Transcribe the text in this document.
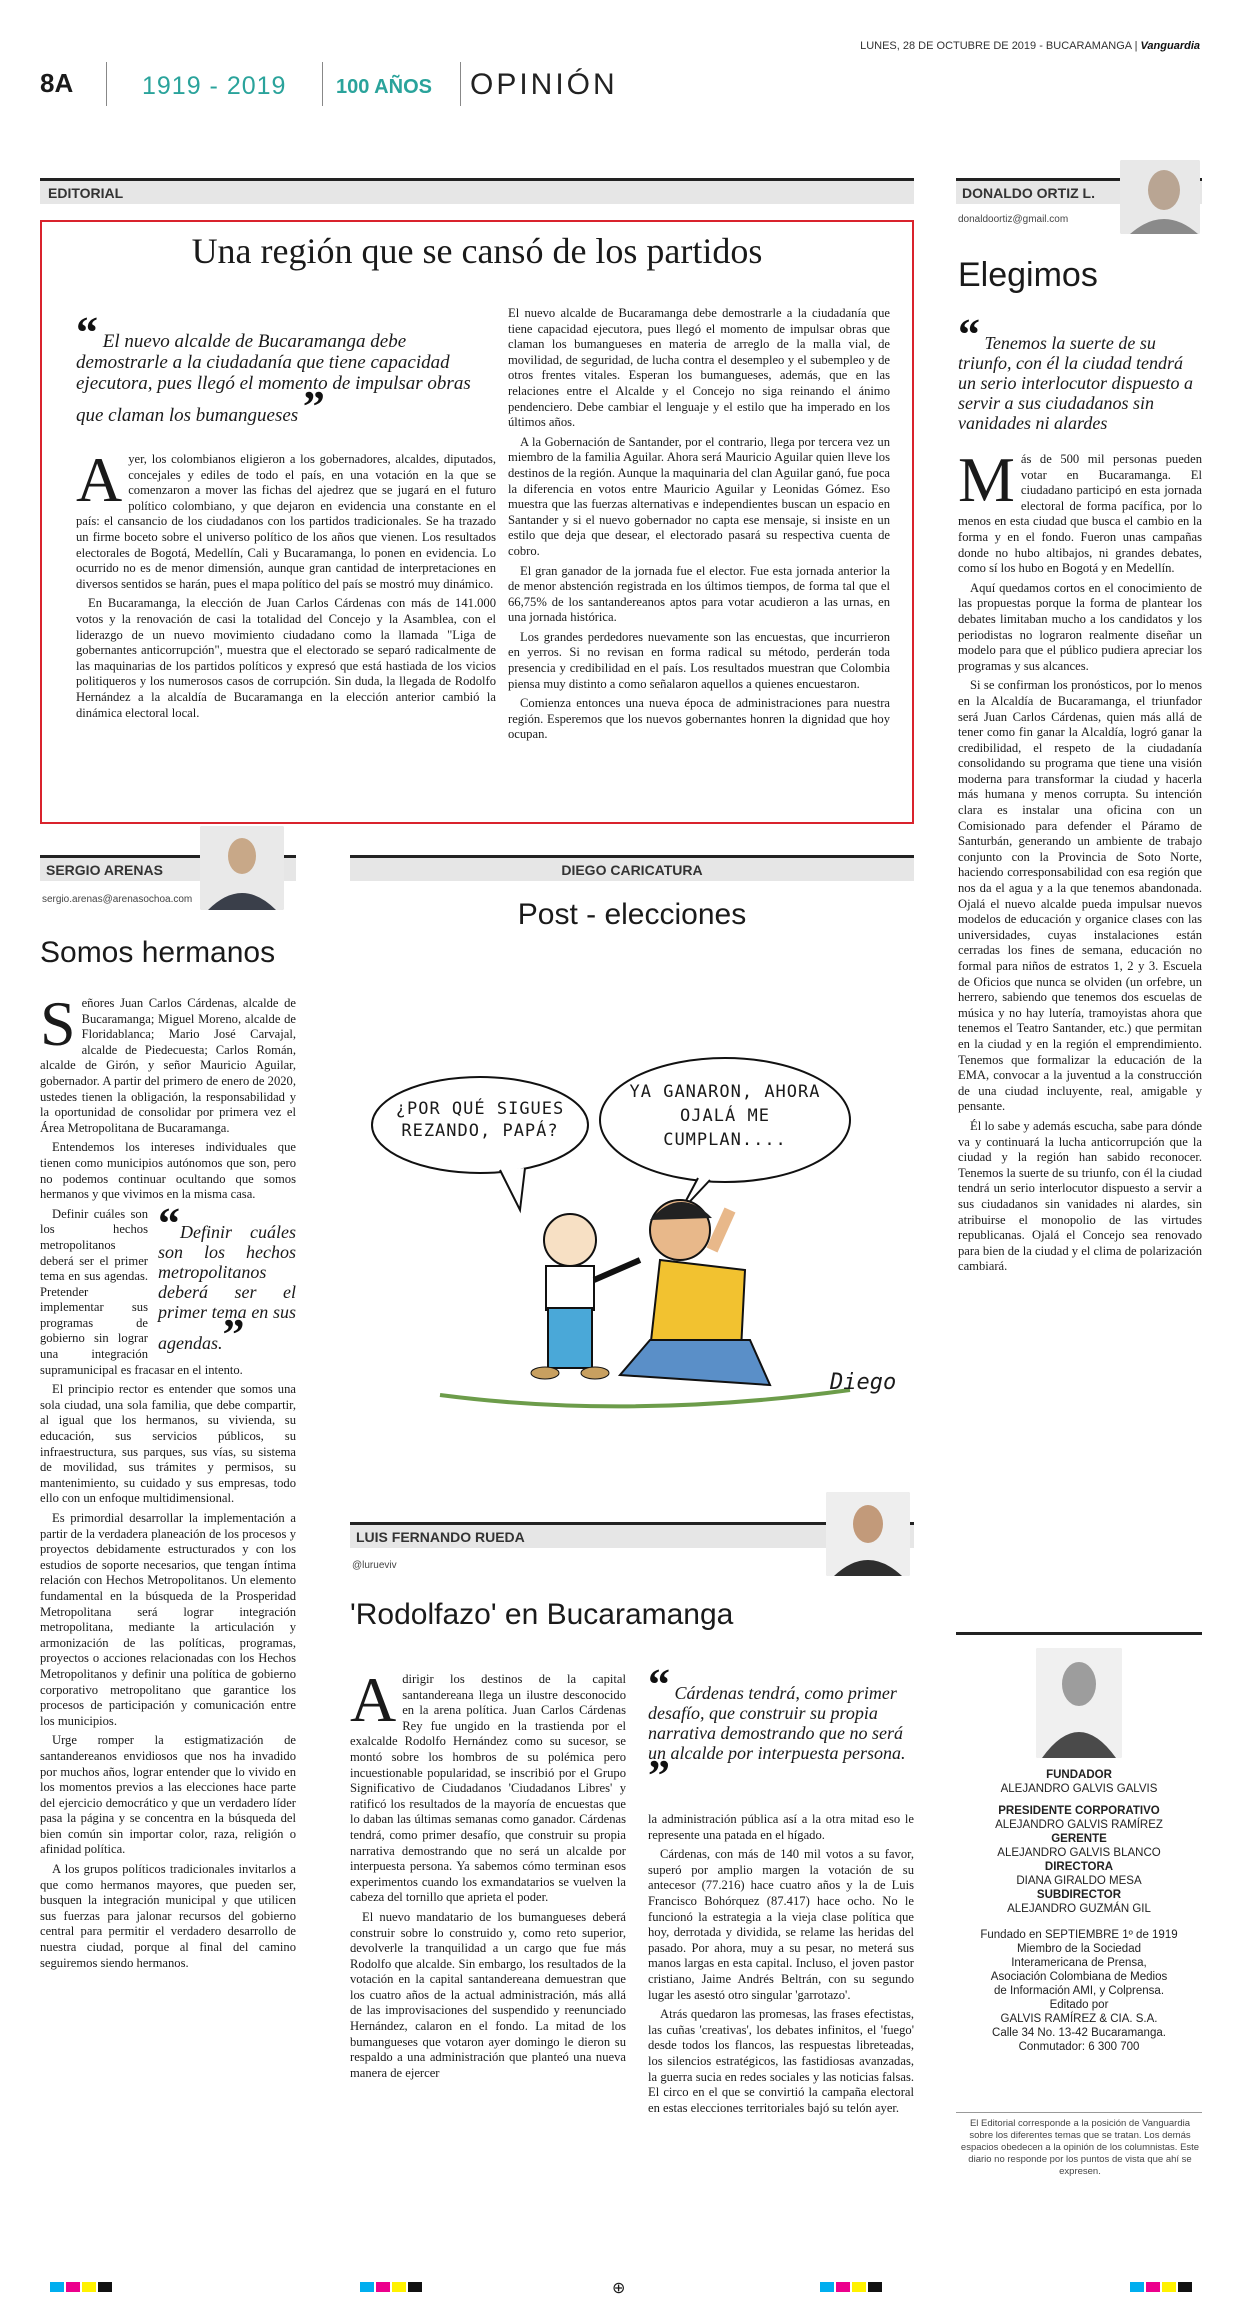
8A	1919 - 2019 100 AÑOS OPINIÓN
LUNES, 28 DE OCTUBRE DE 2019 - BUCARAMANGA | Vanguardia
EDITORIAL
Una región que se cansó de los partidos
“ El nuevo alcalde de Bucaramanga debe demostrarle a la ciudadanía que tiene capacidad ejecutora, pues llegó el momento de impulsar obras que claman los bumangueses ”

Ayer, los colombianos eligieron a los gobernadores, alcaldes, diputados, concejales y ediles de todo el país, en una votación en la que se comenzaron a mover las fichas del ajedrez que se jugará en el futuro político colombiano, y que dejaron en evidencia una constante en el país: el cansancio de los ciudadanos con los partidos tradicionales. Se ha trazado un firme boceto sobre el universo político de los años que vienen. Los resultados electorales de Bogotá, Medellín, Cali y Bucaramanga, lo ponen en evidencia. Lo ocurrido no es de menor dimensión, aunque gran cantidad de interpretaciones en diversos sentidos se harán, pues el mapa político del país se mostró muy dinámico.

En Bucaramanga, la elección de Juan Carlos Cárdenas con más de 141.000 votos y la renovación de casi la totalidad del Concejo y la Asamblea, con el liderazgo de un nuevo movimiento ciudadano como la llamada "Liga de gobernantes anticorrupción", muestra que el electorado se separó radicalmente de las maquinarias de los partidos políticos y expresó que está hastiada de los vicios politiqueros y los numerosos casos de corrupción. Sin duda, la llegada de Rodolfo Hernández a la alcaldía de Bucaramanga en la elección anterior cambió la dinámica electoral local.

El nuevo alcalde de Bucaramanga debe demostrarle a la ciudadanía que tiene capacidad ejecutora, pues llegó el momento de impulsar obras que claman los bumangueses en materia de arreglo de la malla vial, de movilidad, de seguridad, de lucha contra el desempleo y el subempleo y de otros frentes vitales. Esperan los bumangueses, además, que en las relaciones entre el Alcalde y el Concejo no siga reinando el ánimo pendenciero. Debe cambiar el lenguaje y el estilo que ha imperado en los últimos años.

A la Gobernación de Santander, por el contrario, llega por tercera vez un miembro de la familia Aguilar. Ahora será Mauricio Aguilar quien lleve los destinos de la región. Aunque la maquinaria del clan Aguilar ganó, fue poca la diferencia en votos entre Mauricio Aguilar y Leonidas Gómez. Eso muestra que las fuerzas alternativas e independientes buscan un espacio en Santander y si el nuevo gobernador no capta ese mensaje, si insiste en un estilo que deja que desear, el electorado pasará su respectiva cuenta de cobro.

El gran ganador de la jornada fue el elector. Fue esta jornada anterior la de menor abstención registrada en los últimos tiempos, de forma tal que el 66,75% de los santandereanos aptos para votar acudieron a las urnas, en una jornada histórica.

Los grandes perdedores nuevamente son las encuestas, que incurrieron en yerros. Si no revisan en forma radical su método, perderán toda presencia y credibilidad en el país. Los resultados muestran que Colombia piensa muy distinto a como señalaron aquellos a quienes encuestaron.

Comienza entonces una nueva época de administraciones para nuestra región. Esperemos que los nuevos gobernantes honren la dignidad que hoy ocupan.

DONALDO ORTIZ L.
donaldoortiz@gmail.com
Elegimos
“ Tenemos la suerte de su triunfo, con él la ciudad tendrá un serio interlocutor dispuesto a servir a sus ciudadanos sin vanidades ni alardes

Más de 500 mil personas pueden votar en Bucaramanga. El ciudadano participó en esta jornada electoral de forma pacífica, por lo menos en esta ciudad que busca el cambio en la forma y en el fondo. Fueron unas campañas donde no hubo altibajos, ni grandes debates, como sí los hubo en Bogotá y en Medellín.

Aquí quedamos cortos en el conocimiento de las propuestas porque la forma de plantear los debates limitaban mucho a los candidatos y los periodistas no lograron realmente diseñar un modelo para que el público pudiera apreciar los programas y sus alcances.

Si se confirman los pronósticos, por lo menos en la Alcaldía de Bucaramanga, el triunfador será Juan Carlos Cárdenas, quien más allá de tener como fin ganar la Alcaldía, logró ganar la credibilidad, el respeto de la ciudadanía consolidando su programa que tiene una visión moderna para transformar la ciudad y hacerla más humana y menos corrupta. Su intención clara es instalar una oficina con un Comisionado para defender el Páramo de Santurbán, generando un ambiente de trabajo conjunto con la Provincia de Soto Norte, haciendo corresponsabilidad con esa región que nos da el agua y a la que tenemos abandonada. Ojalá el nuevo alcalde pueda impulsar nuevos modelos de educación y organice clases con las universidades, cuyas instalaciones están cerradas los fines de semana, educación no formal para niños de estratos 1, 2 y 3. Escuela de Oficios que nunca se olviden (un orfebre, un herrero, sabiendo que tenemos dos escuelas de música y no hay lutería, tramoyistas ahora que tenemos el Teatro Santander, etc.) que permitan en la ciudad y en la región el emprendimiento. Tenemos que formalizar la educación de la EMA, convocar a la juventud a la construcción de una ciudad incluyente, real, amigable y pensante.

Él lo sabe y además escucha, sabe para dónde va y continuará la lucha anticorrupción que la ciudad y la región han sabido reconocer. Tenemos la suerte de su triunfo, con él la ciudad tendrá un serio interlocutor dispuesto a servir a sus ciudadanos sin vanidades ni alardes, sin atribuirse el monopolio de las virtudes republicanas. Ojalá el Concejo sea renovado para bien de la ciudad y el clima de polarización cambiará.

FUNDADOR
ALEJANDRO GALVIS GALVIS
PRESIDENTE CORPORATIVO
ALEJANDRO GALVIS RAMÍREZ
GERENTE
ALEJANDRO GALVIS BLANCO
DIRECTORA
DIANA GIRALDO MESA
SUBDIRECTOR
ALEJANDRO GUZMÁN GIL
Fundado en SEPTIEMBRE 1º de 1919
Miembro de la Sociedad
Interamericana de Prensa,
Asociación Colombiana de Medios
de Información AMI, y Colprensa.
Editado por
GALVIS RAMÍREZ & CIA. S.A.
Calle 34 No. 13-42 Bucaramanga.
Conmutador: 6 300 700
El Editorial corresponde a la posición de Vanguardia sobre los diferentes temas que se tratan. Los demás espacios obedecen a la opinión de los columnistas. Este diario no responde por los puntos de vista que ahí se expresen.
SERGIO ARENAS
sergio.arenas@arenasochoa.com
Somos hermanos

Señores Juan Carlos Cárdenas, alcalde de Bucaramanga; Miguel Moreno, alcalde de Floridablanca; Mario José Carvajal, alcalde de Piedecuesta; Carlos Román, alcalde de Girón, y señor Mauricio Aguilar, gobernador. A partir del primero de enero de 2020, ustedes tienen la obligación, la responsabilidad y la oportunidad de consolidar por primera vez el Área Metropolitana de Bucaramanga.

Entendemos los intereses individuales que tienen como municipios autónomos que son, pero no podemos continuar ocultando que somos hermanos y que vivimos en la misma casa.

“Definir cuáles son los hechos metropolitanos deberá ser el primer tema en sus agendas.”
Definir cuáles son los hechos metropolitanos deberá ser el primer tema en sus agendas. Pretender implementar sus programas de gobierno sin lograr una integración supramunicipal es fracasar en el intento.

El principio rector es entender que somos una sola ciudad, una sola familia, que debe compartir, al igual que los hermanos, su vivienda, su educación, sus servicios públicos, su infraestructura, sus parques, sus vías, su sistema de movilidad, sus trámites y permisos, su mantenimiento, su cuidado y sus empresas, todo ello con un enfoque multidimensional.

Es primordial desarrollar la implementación a partir de la verdadera planeación de los procesos y proyectos debidamente estructurados y con los estudios de soporte necesarios, que tengan íntima relación con Hechos Metropolitanos. Un elemento fundamental en la búsqueda de la Prosperidad Metropolitana será lograr integración metropolitana, mediante la articulación y armonización de las políticas, programas, proyectos o acciones relacionadas con los Hechos Metropolitanos y definir una política de gobierno corporativo metropolitano que garantice los procesos de participación y comunicación entre los municipios.

Urge romper la estigmatización de santandereanos envidiosos que nos ha invadido por muchos años, lograr entender que lo vivido en los momentos previos a las elecciones hace parte del ejercicio democrático y que un verdadero líder pasa la página y se concentra en la búsqueda del bien común sin importar color, raza, religión o afinidad política.

A los grupos políticos tradicionales invitarlos a que como hermanos mayores, que pueden ser, busquen la integración municipal y que utilicen sus fuerzas para jalonar recursos del gobierno central para permitir el verdadero desarrollo de nuestra ciudad, porque al final del camino seguiremos siendo hermanos.

DIEGO CARICATURA
Post - elecciones
¿POR QUÉ SIGUES REZANDO, PAPÁ?
YA GANARON, AHORA OJALÁ ME CUMPLAN....
Diego
LUIS FERNANDO RUEDA
@lurueviv
'Rodolfazo' en Bucaramanga

Adirigir los destinos de la capital santandereana llega un ilustre desconocido en la arena política. Juan Carlos Cárdenas Rey fue ungido en la trastienda por el exalcalde Rodolfo Hernández como su sucesor, se montó sobre los hombros de su polémica pero incuestionable popularidad, se inscribió por el Grupo Significativo de Ciudadanos 'Ciudadanos Libres' y ratificó los resultados de la mayoría de encuestas que lo daban las últimas semanas como ganador. Cárdenas tendrá, como primer desafío, que construir su propia narrativa demostrando que no será un alcalde por interpuesta persona. Ya sabemos cómo terminan esos experimentos cuando los exmandatarios se vuelven la cabeza del tornillo que aprieta el poder.

El nuevo mandatario de los bumangueses deberá construir sobre lo construido y, como reto superior, devolverle la tranquilidad a un cargo que fue más Rodolfo que alcalde. Sin embargo, los resultados de la votación en la capital santandereana demuestran que los cuatro años de la actual administración, más allá de las improvisaciones del suspendido y reenunciado Hernández, calaron en el fondo. La mitad de los bumangueses que votaron ayer domingo le dieron su respaldo a una administración que planteó una nueva manera de ejercer

“ Cárdenas tendrá, como primer desafío, que construir su propia narrativa demostrando que no será un alcalde por interpuesta persona. ”

la administración pública así a la otra mitad eso le represente una patada en el hígado.

Cárdenas, con más de 140 mil votos a su favor, superó por amplio margen la votación de su antecesor (77.216) hace cuatro años y la de Luis Francisco Bohórquez (87.417) hace ocho. No le funcionó la estrategia a la vieja clase política que hoy, derrotada y dividida, se relame las heridas del pasado. Por ahora, muy a su pesar, no meterá sus manos largas en esta capital. Incluso, el joven pastor cristiano, Jaime Andrés Beltrán, con su segundo lugar les asestó otro singular 'garrotazo'.

Atrás quedaron las promesas, las frases efectistas, las cuñas 'creativas', los debates infinitos, el 'fuego' desde todos los flancos, las respuestas libreteadas, los silencios estratégicos, las fastidiosas avanzadas, la guerra sucia en redes sociales y las noticias falsas. El circo en el que se convirtió la campaña electoral en estas elecciones territoriales bajó su telón ayer.

⊕
